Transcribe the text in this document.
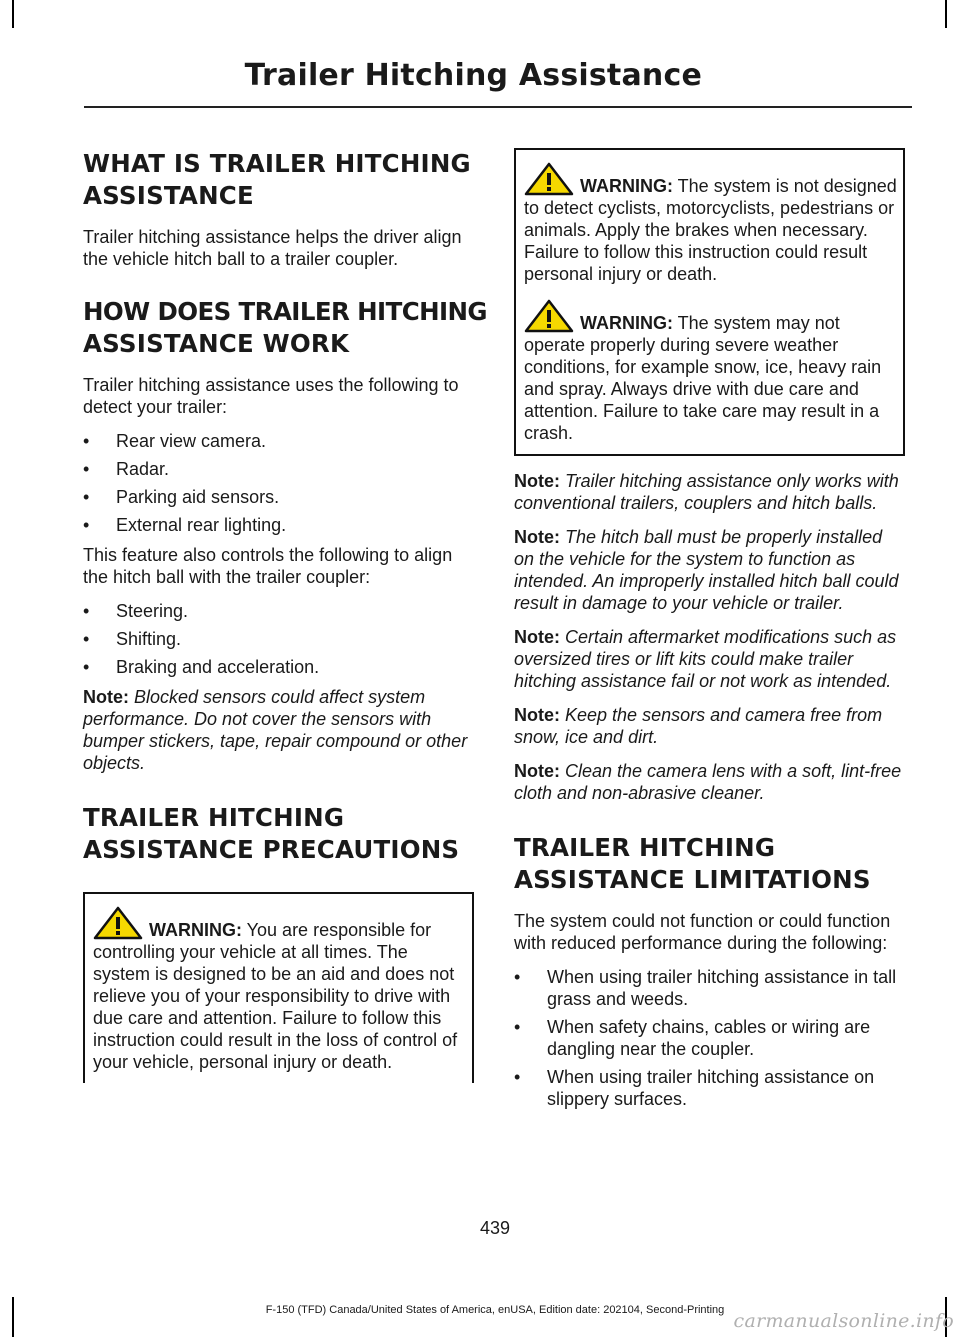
Trailer Hitching Assistance
WHAT IS TRAILER HITCHING
ASSISTANCE

Trailer hitching assistance helps the driver align the vehicle hitch ball to a trailer coupler.

HOW DOES TRAILER HITCHING
ASSISTANCE WORK

Trailer hitching assistance uses the following to detect your trailer:

• Rear view camera.
• Radar.
• Parking aid sensors.
• External rear lighting.

This feature also controls the following to align the hitch ball with the trailer coupler:

• Steering.
• Shifting.
• Braking and acceleration.

Note: Blocked sensors could affect system performance. Do not cover the sensors with bumper stickers, tape, repair compound or other objects.

TRAILER HITCHING
ASSISTANCE PRECAUTIONS

WARNING: You are responsible for controlling your vehicle at all times. The system is designed to be an aid and does not relieve you of your responsibility to drive with due care and attention. Failure to follow this instruction could result in the loss of control of your vehicle, personal injury or death.

WARNING: The system is not designed to detect cyclists, motorcyclists, pedestrians or animals. Apply the brakes when necessary. Failure to follow this instruction could result personal injury or death.

WARNING: The system may not operate properly during severe weather conditions, for example snow, ice, heavy rain and spray. Always drive with due care and attention. Failure to take care may result in a crash.

Note: Trailer hitching assistance only works with conventional trailers, couplers and hitch balls.

Note: The hitch ball must be properly installed on the vehicle for the system to function as intended. An improperly installed hitch ball could result in damage to your vehicle or trailer.

Note: Certain aftermarket modifications such as oversized tires or lift kits could make trailer hitching assistance fail or not work as intended.

Note: Keep the sensors and camera free from snow, ice and dirt.

Note: Clean the camera lens with a soft, lint-free cloth and non-abrasive cleaner.

TRAILER HITCHING
ASSISTANCE LIMITATIONS

The system could not function or could function with reduced performance during the following:

• When using trailer hitching assistance in tall grass and weeds.
• When safety chains, cables or wiring are dangling near the coupler.
• When using trailer hitching assistance on slippery surfaces.
439
F-150 (TFD) Canada/United States of America, enUSA, Edition date: 202104, Second-Printing carmanualsonline.info
